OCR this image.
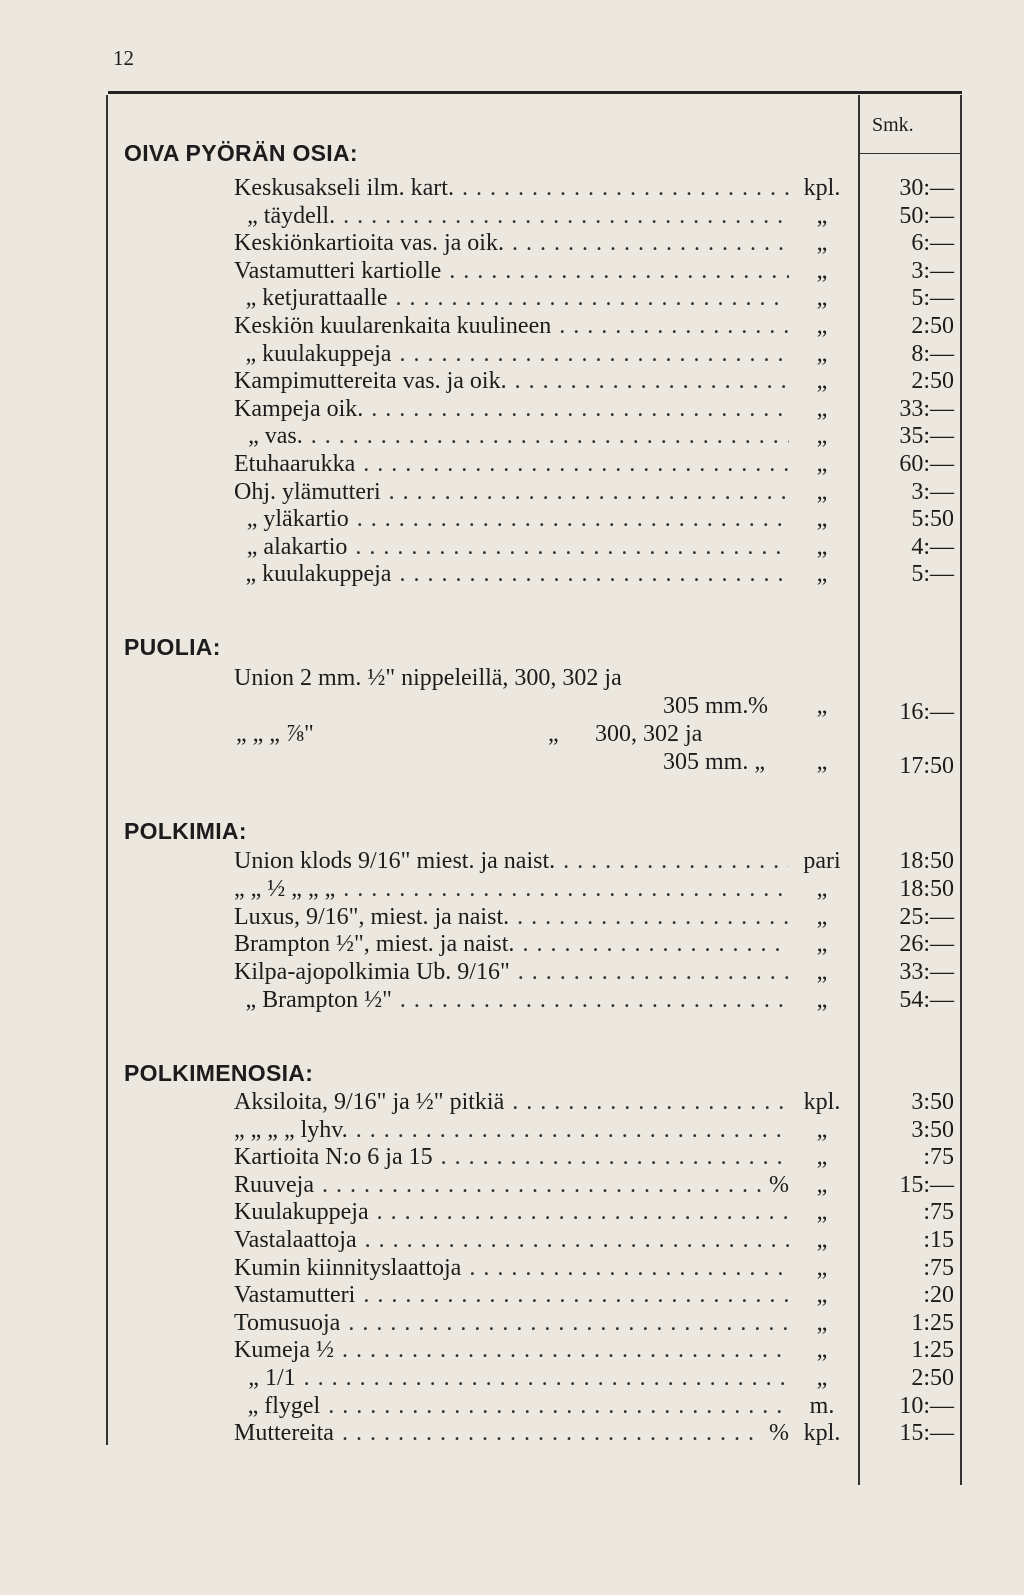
12
Smk.
OIVA PYÖRÄN OSIA:
Keskusakseli ilm. kart. . . .	kpl.	30:—
„ täydell. . . .	„	50:—
Keskiönkartioita vas. ja oik. . . .	„	6:—
Vastamutteri kartiolle . . .	„	3:—
„ ketjurattaalle . . .	„	5:—
Keskiön kuularenkaita kuulineen . . .	„	2:50
„ kuulakuppeja . . .	„	8:—
Kampimuttereita vas. ja oik. . . .	„	2:50
Kampeja oik. . . .	„	33:—
„ vas. . . .	„	35:—
Etuhaarukka . . .	„	60:—
Ohj. ylämutteri . . .	„	3:—
„ yläkartio . . .	„	5:50
„ alakartio . . .	„	4:—
„ kuulakuppeja . . .	„	5:—
PUOLIA:
Union 2 mm. ½" nippeleillä, 300, 302 ja
305 mm. %	„	16:—
„ „ „ ⅞"	„ 300, 302 ja
305 mm. „	„	17:50
POLKIMIA:
Union klods 9/16" miest. ja naist. . . .	pari	18:50
„ „ ½ „ „ „ . . .	„	18:50
Luxus, 9/16", miest. ja naist. . . .	„	25:—
Brampton ½", miest. ja naist. . . .	„	26:—
Kilpa-ajopolkimia Ub. 9/16" . . .	„	33:—
„ Brampton ½" . . .	„	54:—
POLKIMENOSIA:
Aksiloita, 9/16" ja ½" pitkiä . . .	kpl.	3:50
„ „ „ „ lyhv. . . .	„	3:50
Kartioita N:o 6 ja 15 . . .	„	:75
Ruuveja . . .	%	„	15:—
Kuulakuppeja . . .	„	:75
Vastalaattoja . . .	„	:15
Kumin kiinnityslaattoja . . .	„	:75
Vastamutteri . . .	„	:20
Tomusuoja . . .	„	1:25
Kumeja ½ . . .	„	1:25
„ 1/1 . . .	„	2:50
„ flygel . . .	m.	10:—
Muttereita . . .	% kpl.	15:—
